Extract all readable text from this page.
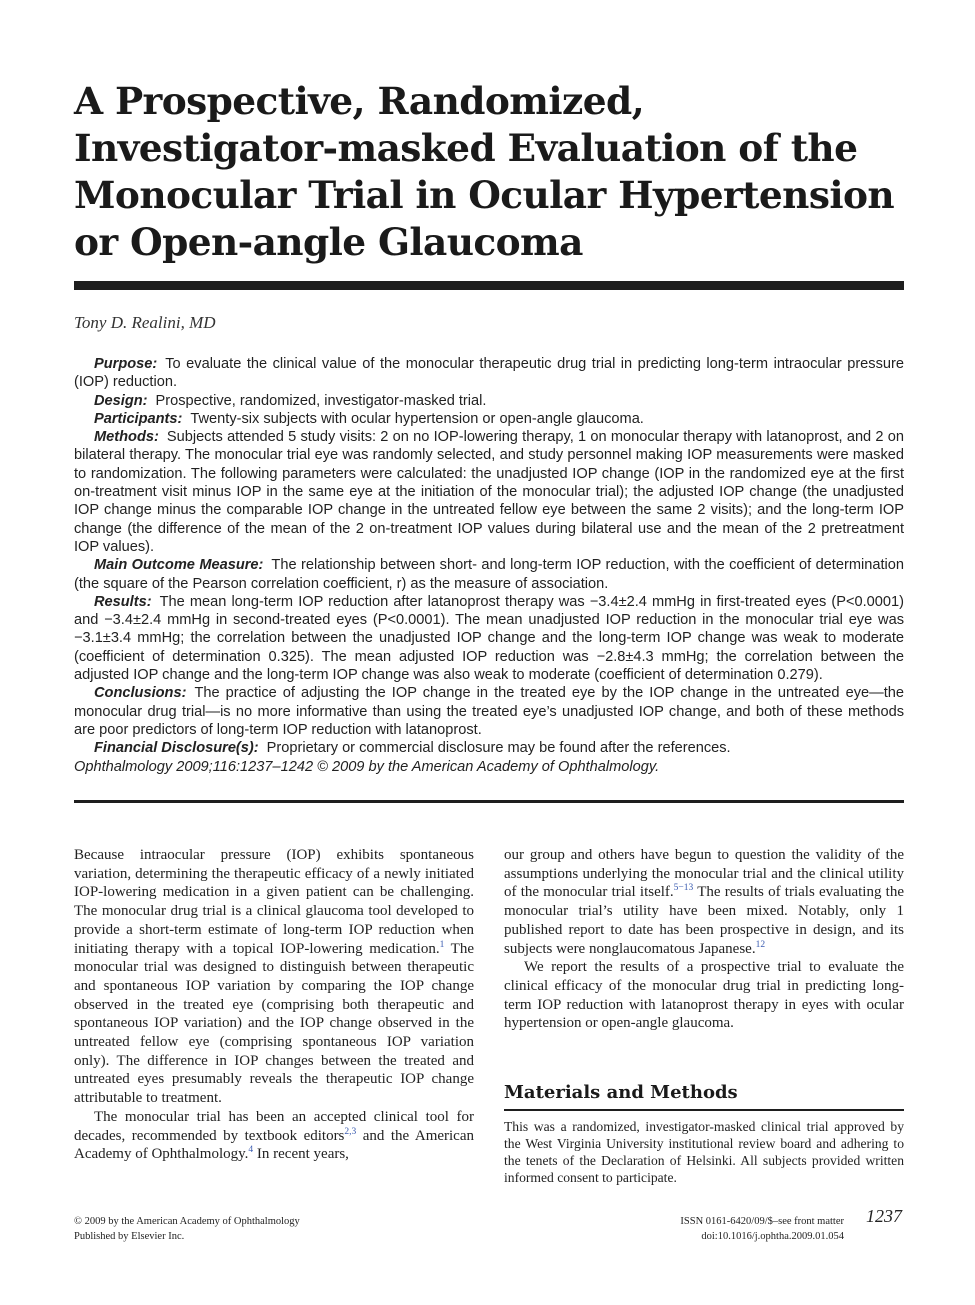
A Prospective, Randomized, Investigator-masked Evaluation of the Monocular Trial in Ocular Hypertension or Open-angle Glaucoma
Tony D. Realini, MD

Purpose: To evaluate the clinical value of the monocular therapeutic drug trial in predicting long-term intraocular pressure (IOP) reduction.

Design: Prospective, randomized, investigator-masked trial.

Participants: Twenty-six subjects with ocular hypertension or open-angle glaucoma.

Methods: Subjects attended 5 study visits: 2 on no IOP-lowering therapy, 1 on monocular therapy with latanoprost, and 2 on bilateral therapy. The monocular trial eye was randomly selected, and study personnel making IOP measurements were masked to randomization. The following parameters were calculated: the unadjusted IOP change (IOP in the randomized eye at the first on-treatment visit minus IOP in the same eye at the initiation of the monocular trial); the adjusted IOP change (the unadjusted IOP change minus the comparable IOP change in the untreated fellow eye between the same 2 visits); and the long-term IOP change (the difference of the mean of the 2 on-treatment IOP values during bilateral use and the mean of the 2 pretreatment IOP values).

Main Outcome Measure: The relationship between short- and long-term IOP reduction, with the coefficient of determination (the square of the Pearson correlation coefficient, r) as the measure of association.

Results: The mean long-term IOP reduction after latanoprost therapy was −3.4±2.4 mmHg in first-treated eyes (P<0.0001) and −3.4±2.4 mmHg in second-treated eyes (P<0.0001). The mean unadjusted IOP reduction in the monocular trial eye was −3.1±3.4 mmHg; the correlation between the unadjusted IOP change and the long-term IOP change was weak to moderate (coefficient of determination 0.325). The mean adjusted IOP reduction was −2.8±4.3 mmHg; the correlation between the adjusted IOP change and the long-term IOP change was also weak to moderate (coefficient of determination 0.279).

Conclusions: The practice of adjusting the IOP change in the treated eye by the IOP change in the untreated eye—the monocular drug trial—is no more informative than using the treated eye’s unadjusted IOP change, and both of these methods are poor predictors of long-term IOP reduction with latanoprost.

Financial Disclosure(s): Proprietary or commercial disclosure may be found after the references.

Ophthalmology 2009;116:1237–1242 © 2009 by the American Academy of Ophthalmology.

Because intraocular pressure (IOP) exhibits spontaneous variation, determining the therapeutic efficacy of a newly initiated IOP-lowering medication in a given patient can be challenging. The monocular drug trial is a clinical glaucoma tool developed to provide a short-term estimate of long-term IOP reduction when initiating therapy with a topical IOP-lowering medication.$^1$ The monocular trial was designed to distinguish between therapeutic and spontaneous IOP variation by comparing the IOP change observed in the treated eye (comprising both therapeutic and spontaneous IOP variation) and the IOP change observed in the untreated fellow eye (comprising spontaneous IOP variation only). The difference in IOP changes between the treated and untreated eyes presumably reveals the therapeutic IOP change attributable to treatment.

The monocular trial has been an accepted clinical tool for decades, recommended by textbook editors$^{2,3}$ and the American Academy of Ophthalmology.$^4$ In recent years,

our group and others have begun to question the validity of the assumptions underlying the monocular trial and the clinical utility of the monocular trial itself.$^{5-13}$ The results of trials evaluating the monocular trial’s utility have been mixed. Notably, only 1 published report to date has been prospective in design, and its subjects were nonglaucomatous Japanese.$^{12}$

We report the results of a prospective trial to evaluate the clinical efficacy of the monocular drug trial in predicting long-term IOP reduction with latanoprost therapy in eyes with ocular hypertension or open-angle glaucoma.

Materials and Methods

This was a randomized, investigator-masked clinical trial approved by the West Virginia University institutional review board and adhering to the tenets of the Declaration of Helsinki. All subjects provided written informed consent to participate.

© 2009 by the American Academy of Ophthalmology
Published by Elsevier Inc.
ISSN 0161-6420/09/$–see front matter
doi:10.1016/j.ophtha.2009.01.054
1237
